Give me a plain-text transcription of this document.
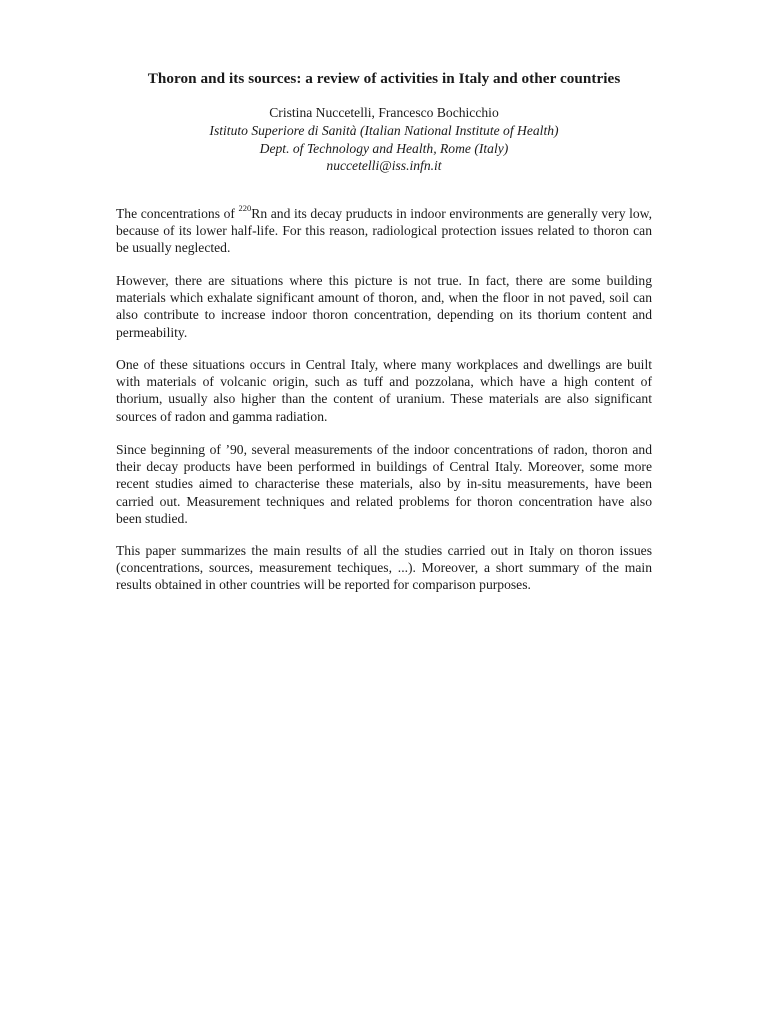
Thoron and its sources: a review of activities in Italy and other countries
Cristina Nuccetelli, Francesco Bochicchio
Istituto Superiore di Sanità (Italian National Institute of Health)
Dept. of Technology and Health, Rome (Italy)
nuccetelli@iss.infn.it

The concentrations of $^{220}$Rn and its decay pruducts in indoor environments are generally very low, because of its lower half-life. For this reason, radiological protection issues related to thoron can be usually neglected.

However, there are situations where this picture is not true. In fact, there are some building materials which exhalate significant amount of thoron, and, when the floor in not paved, soil can also contribute to increase indoor thoron concentration, depending on its thorium content and permeability.

One of these situations occurs in Central Italy, where many workplaces and dwellings are built with materials of volcanic origin, such as tuff and pozzolana, which have a high content of thorium, usually also higher than the content of uranium. These materials are also significant sources of radon and gamma radiation.

Since beginning of ’90, several measurements of the indoor concentrations of radon, thoron and their decay products have been performed in buildings of Central Italy. Moreover, some more recent studies aimed to characterise these materials, also by in-situ measurements, have been carried out. Measurement techniques and related problems for thoron concentration have also been studied.

This paper summarizes the main results of all the studies carried out in Italy on thoron issues (concentrations, sources, measurement techiques, ...). Moreover, a short summary of the main results obtained in other countries will be reported for comparison purposes.
